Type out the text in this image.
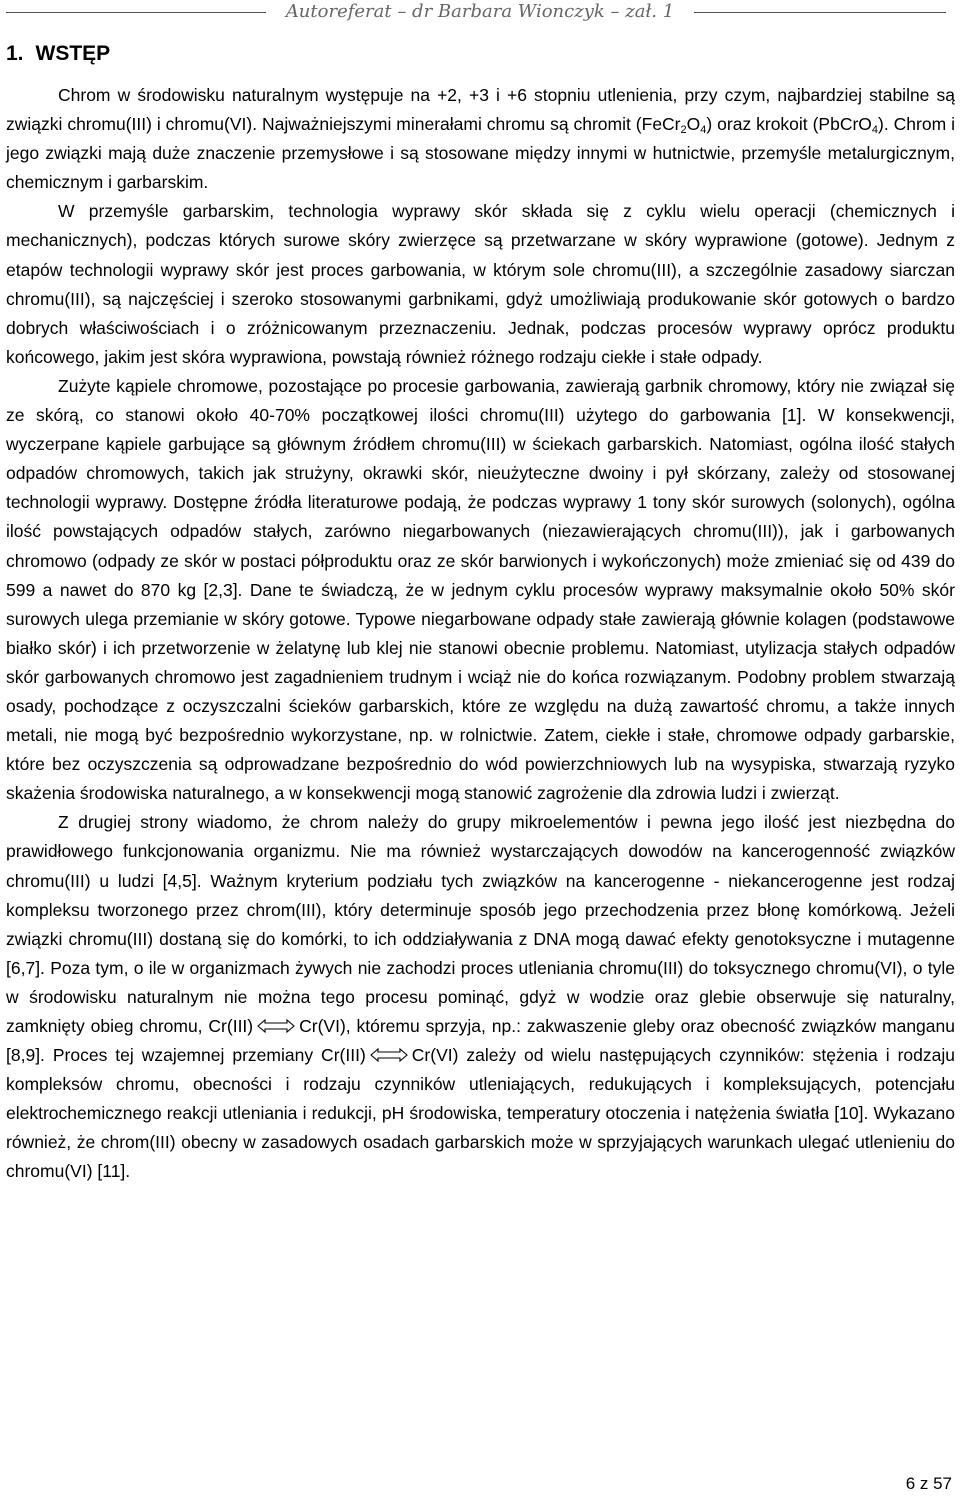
Autoreferat – dr Barbara Wionczyk – zał. 1
1. WSTĘP

Chrom w środowisku naturalnym występuje na +2, +3 i +6 stopniu utlenienia, przy czym, najbardziej stabilne są związki chromu(III) i chromu(VI). Najważniejszymi minerałami chromu są chromit $(FeCr_2O_4)$ oraz krokoit (PbCrO$_4$). Chrom i jego związki mają duże znaczenie przemysłowe i są stosowane między innymi w hutnictwie, przemyśle metalurgicznym, chemicznym i garbarskim.

W przemyśle garbarskim, technologia wyprawy skór składa się z cyklu wielu operacji (chemicznych i mechanicznych), podczas których surowe skóry zwierzęce są przetwarzane w skóry wyprawione (gotowe). Jednym z etapów technologii wyprawy skór jest proces garbowania, w którym sole chromu(III), a szczególnie zasadowy siarczan chromu(III), są najczęściej i szeroko stosowanymi garbnikami, gdyż umożliwiają produkowanie skór gotowych o bardzo dobrych właściwościach i o zróżnicowanym przeznaczeniu. Jednak, podczas procesów wyprawy oprócz produktu końcowego, jakim jest skóra wyprawiona, powstają również różnego rodzaju ciekłe i stałe odpady.

Zużyte kąpiele chromowe, pozostające po procesie garbowania, zawierają garbnik chromowy, który nie związał się ze skórą, co stanowi około 40-70% początkowej ilości chromu(III) użytego do garbowania [1]. W konsekwencji, wyczerpane kąpiele garbujące są głównym źródłem chromu(III) w ściekach garbarskich. Natomiast, ogólna ilość stałych odpadów chromowych, takich jak strużyny, okrawki skór, nieużyteczne dwoiny i pył skórzany, zależy od stosowanej technologii wyprawy. Dostępne źródła literaturowe podają, że podczas wyprawy 1 tony skór surowych (solonych), ogólna ilość powstających odpadów stałych, zarówno niegarbowanych (niezawierających chromu(III)), jak i garbowanych chromowo (odpady ze skór w postaci półproduktu oraz ze skór barwionych i wykończonych) może zmieniać się od 439 do 599 a nawet do 870 kg [2,3]. Dane te świadczą, że w jednym cyklu procesów wyprawy maksymalnie około 50% skór surowych ulega przemianie w skóry gotowe. Typowe niegarbowane odpady stałe zawierają głównie kolagen (podstawowe białko skór) i ich przetworzenie w żelatynę lub klej nie stanowi obecnie problemu. Natomiast, utylizacja stałych odpadów skór garbowanych chromowo jest zagadnieniem trudnym i wciąż nie do końca rozwiązanym. Podobny problem stwarzają osady, pochodzące z oczyszczalni ścieków garbarskich, które ze względu na dużą zawartość chromu, a także innych metali, nie mogą być bezpośrednio wykorzystane, np. w rolnictwie. Zatem, ciekłe i stałe, chromowe odpady garbarskie, które bez oczyszczenia są odprowadzane bezpośrednio do wód powierzchniowych lub na wysypiska, stwarzają ryzyko skażenia środowiska naturalnego, a w konsekwencji mogą stanowić zagrożenie dla zdrowia ludzi i zwierząt.

Z drugiej strony wiadomo, że chrom należy do grupy mikroelementów i pewna jego ilość jest niezbędna do prawidłowego funkcjonowania organizmu. Nie ma również wystarczających dowodów na kancerogenność związków chromu(III) u ludzi [4,5]. Ważnym kryterium podziału tych związków na kancerogenne - niekancerogenne jest rodzaj kompleksu tworzonego przez chrom(III), który determinuje sposób jego przechodzenia przez błonę komórkową. Jeżeli związki chromu(III) dostaną się do komórki, to ich oddziaływania z DNA mogą dawać efekty genotoksyczne i mutagenne [6,7]. Poza tym, o ile w organizmach żywych nie zachodzi proces utleniania chromu(III) do toksycznego chromu(VI), o tyle w środowisku naturalnym nie można tego procesu pominąć, gdyż w wodzie oraz glebie obserwuje się naturalny, zamknięty obieg chromu, Cr(III)	Cr(VI), któremu sprzyja, np.: zakwaszenie gleby oraz obecność związków manganu [8,9]. Proces tej wzajemnej przemiany Cr(III)	Cr(VI) zależy od wielu następujących czynników: stężenia i rodzaju kompleksów chromu, obecności i rodzaju czynników utleniających, redukujących i kompleksujących, potencjału elektrochemicznego reakcji utleniania i redukcji, pH środowiska, temperatury otoczenia i natężenia światła [10]. Wykazano również, że chrom(III) obecny w zasadowych osadach garbarskich może w sprzyjających warunkach ulegać utlenieniu do chromu(VI) [11].

6 z 57
